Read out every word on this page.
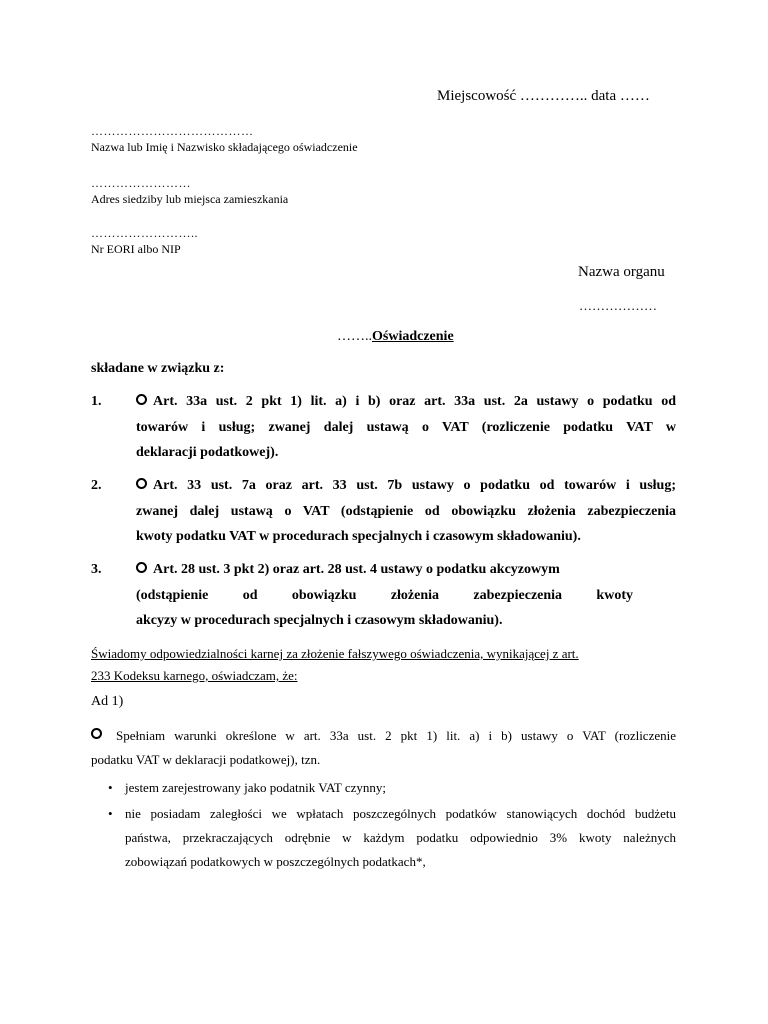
Miejscowość ………….. data ……
…………………………………
Nazwa lub Imię i Nazwisko składającego oświadczenie
……………………
Adres siedziby lub miejsca zamieszkania
……………………..
Nr EORI albo NIP
Nazwa organu
………………
……..Oświadczenie
składane w związku z:
1.	Art. 33a ust. 2 pkt 1) lit. a) i b) oraz art. 33a ust. 2a ustawy o podatku od

towarów i usług; zwanej dalej ustawą o VAT (rozliczenie podatku VAT w

deklaracji podatkowej).

2.	Art. 33 ust. 7a oraz art. 33 ust. 7b ustawy o podatku od towarów i usług;

zwanej dalej ustawą o VAT (odstąpienie od obowiązku złożenia zabezpieczenia

kwoty podatku VAT w procedurach specjalnych i czasowym składowaniu).

3.	Art. 28 ust. 3 pkt 2) oraz art. 28 ust. 4 ustawy o podatku akcyzowym

(odstąpienie od obowiązku złożenia zabezpieczenia kwoty

akcyzy w procedurach specjalnych i czasowym składowaniu).

Świadomy odpowiedzialności karnej za złożenie fałszywego oświadczenia, wynikającej z art.
233 Kodeksu karnego, oświadczam, że:
Ad 1)
Spełniam warunki określone w art. 33a ust. 2 pkt 1) lit. a) i b) ustawy o VAT (rozliczenie
podatku VAT w deklaracji podatkowej), tzn.
• jestem zarejestrowany jako podatnik VAT czynny;
• nie posiadam zaległości we wpłatach poszczególnych podatków stanowiących dochód budżetu
państwa, przekraczających odrębnie w każdym podatku odpowiednio 3% kwoty należnych
zobowiązań podatkowych w poszczególnych podatkach*,
